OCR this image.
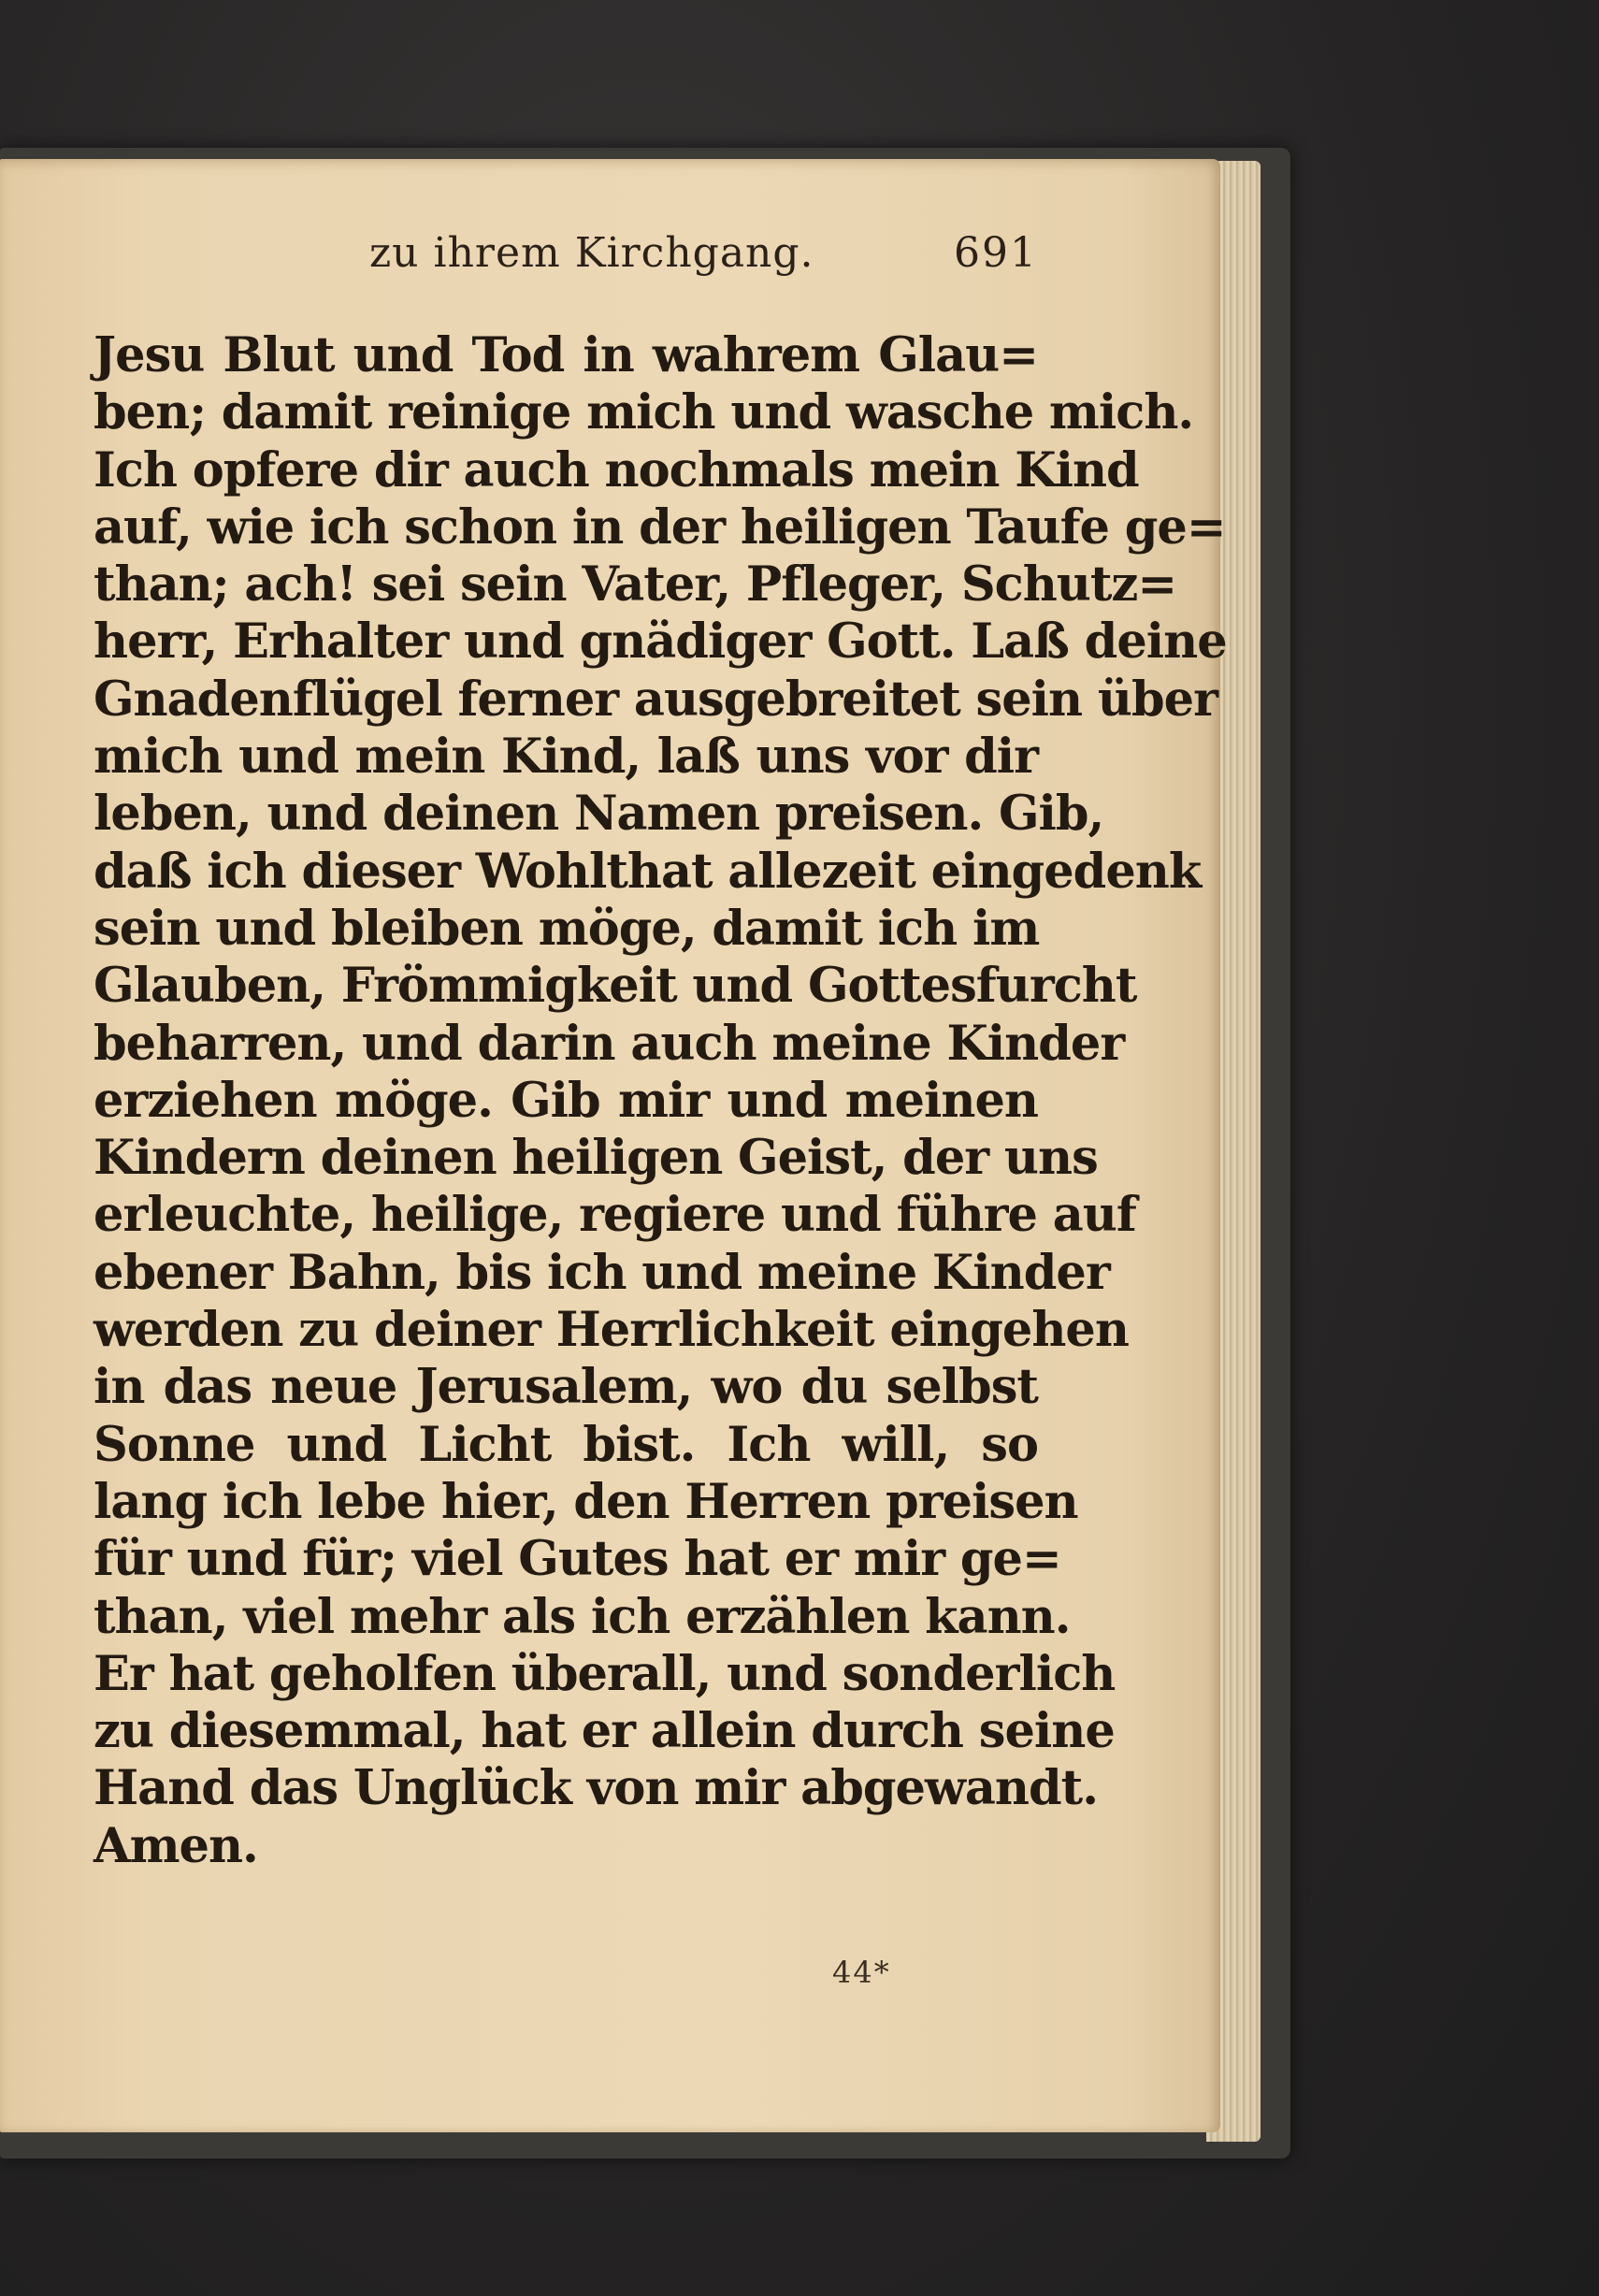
zu ihrem Kirchgang.	691
Jesu Blut und Tod in wahrem Glau=
ben; damit reinige mich und wasche mich.
Ich opfere dir auch nochmals mein Kind
auf, wie ich schon in der heiligen Taufe ge=
than; ach! sei sein Vater, Pfleger, Schutz=
herr, Erhalter und gnädiger Gott. Laß deine
Gnadenflügel ferner ausgebreitet sein über
mich und mein Kind, laß uns vor dir
leben, und deinen Namen preisen. Gib,
daß ich dieser Wohlthat allezeit eingedenk
sein und bleiben möge, damit ich im
Glauben, Frömmigkeit und Gottesfurcht
beharren, und darin auch meine Kinder
erziehen möge. Gib mir und meinen
Kindern deinen heiligen Geist, der uns
erleuchte, heilige, regiere und führe auf
ebener Bahn, bis ich und meine Kinder
werden zu deiner Herrlichkeit eingehen
in das neue Jerusalem, wo du selbst
Sonne und Licht bist. Ich will, so
lang ich lebe hier, den Herren preisen
für und für; viel Gutes hat er mir ge=
than, viel mehr als ich erzählen kann.
Er hat geholfen überall, und sonderlich
zu diesemmal, hat er allein durch seine
Hand das Unglück von mir abgewandt.
Amen.
44*
